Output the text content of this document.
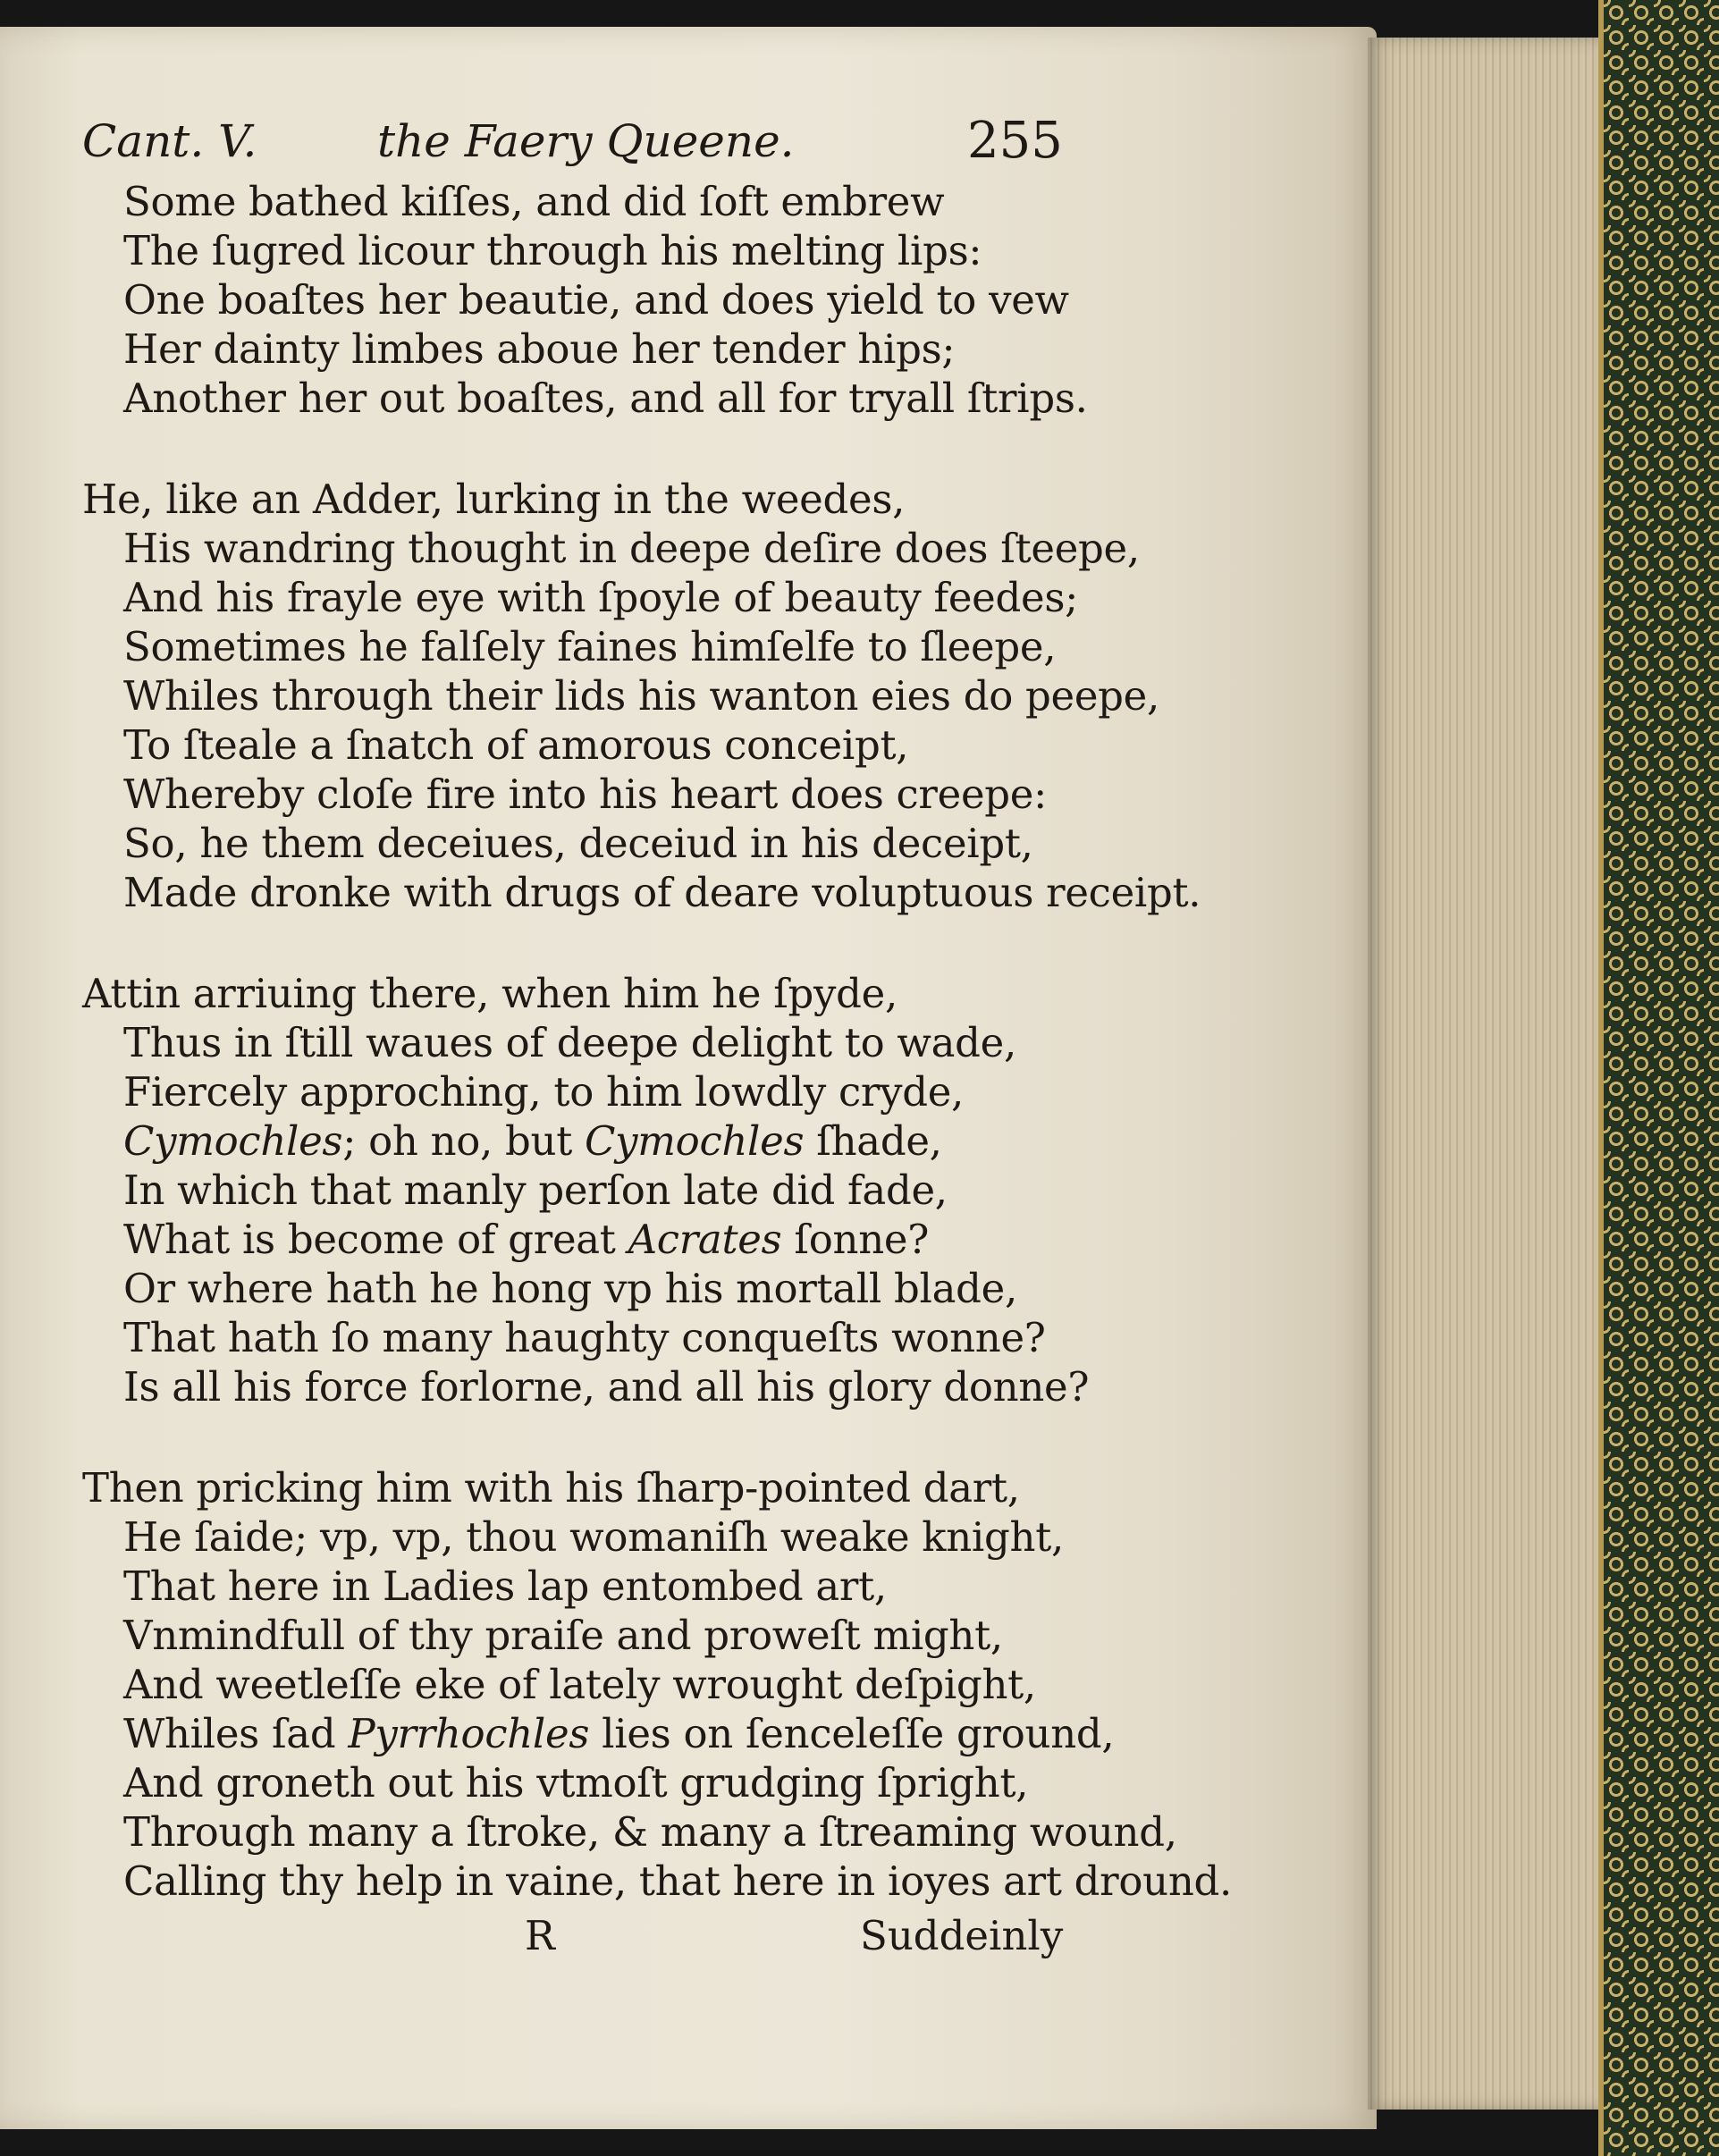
Cant. V.	the Faery Queene.	255
Some bathed kiſſes, and did ſoft embrew
The ſugred licour through his melting lips:
One boaſtes her beautie, and does yield to vew
Her dainty limbes aboue her tender hips;
Another her out boaſtes, and all for tryall ſtrips.
He, like an Adder, lurking in the weedes,
His wandring thought in deepe deſire does ſteepe,
And his frayle eye with ſpoyle of beauty feedes;
Sometimes he falſely faines himſelfe to ſleepe,
Whiles through their lids his wanton eies do peepe,
To ſteale a ſnatch of amorous conceipt,
Whereby cloſe fire into his heart does creepe:
So, he them deceiues, deceiud in his deceipt,
Made dronke with drugs of deare voluptuous receipt.
Attin arriuing there, when him he ſpyde,
Thus in ſtill waues of deepe delight to wade,
Fiercely approching, to him lowdly cryde,
Cymochles; oh no, but Cymochles ſhade,
In which that manly perſon late did fade,
What is become of great Acrates ſonne?
Or where hath he hong vp his mortall blade,
That hath ſo many haughty conqueſts wonne?
Is all his force forlorne, and all his glory donne?
Then pricking him with his ſharp-pointed dart,
He ſaide; vp, vp, thou womaniſh weake knight,
That here in Ladies lap entombed art,
Vnmindfull of thy praiſe and proweſt might,
And weetleſſe eke of lately wrought deſpight,
Whiles ſad Pyrrhochles lies on ſenceleſſe ground,
And groneth out his vtmoſt grudging ſpright,
Through many a ſtroke, & many a ſtreaming wound,
Calling thy help in vaine, that here in ioyes art dround.
R	Suddeinly
